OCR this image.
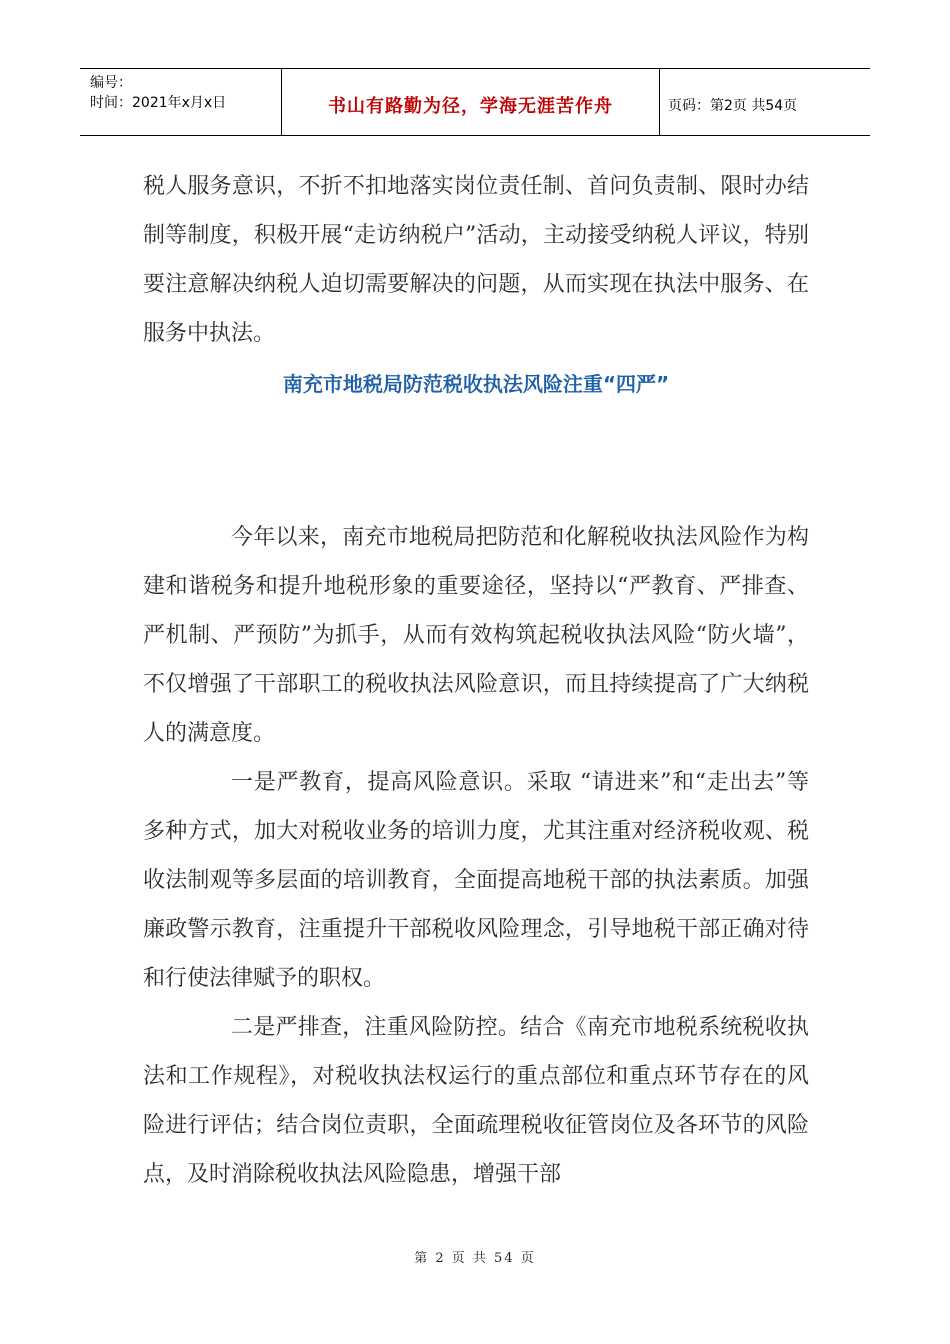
编号：
时间：2021年x月x日	书山有路勤为径，学海无涯苦作舟	页码：第2页 共54页

税人服务意识，不折不扣地落实岗位责任制、首问负责制、限时办结制等制度，积极开展“走访纳税户”活动，主动接受纳税人评议，特别要注意解决纳税人迫切需要解决的问题，从而实现在执法中服务、在服务中执法。

南充市地税局防范税收执法风险注重“四严”

今年以来，南充市地税局把防范和化解税收执法风险作为构建和谐税务和提升地税形象的重要途径，坚持以“严教育、严排查、严机制、严预防”为抓手，从而有效构筑起税收执法风险“防火墙”，不仅增强了干部职工的税收执法风险意识，而且持续提高了广大纳税人的满意度。

一是严教育，提高风险意识。采取 “请进来”和“走出去”等多种方式，加大对税收业务的培训力度，尤其注重对经济税收观、税收法制观等多层面的培训教育，全面提高地税干部的执法素质。加强廉政警示教育，注重提升干部税收风险理念，引导地税干部正确对待和行使法律赋予的职权。

二是严排查，注重风险防控。结合《南充市地税系统税收执法和工作规程》，对税收执法权运行的重点部位和重点环节存在的风险进行评估；结合岗位责职，全面疏理税收征管岗位及各环节的风险点，及时消除税收执法风险隐患，增强干部

第 2 页 共 54 页
